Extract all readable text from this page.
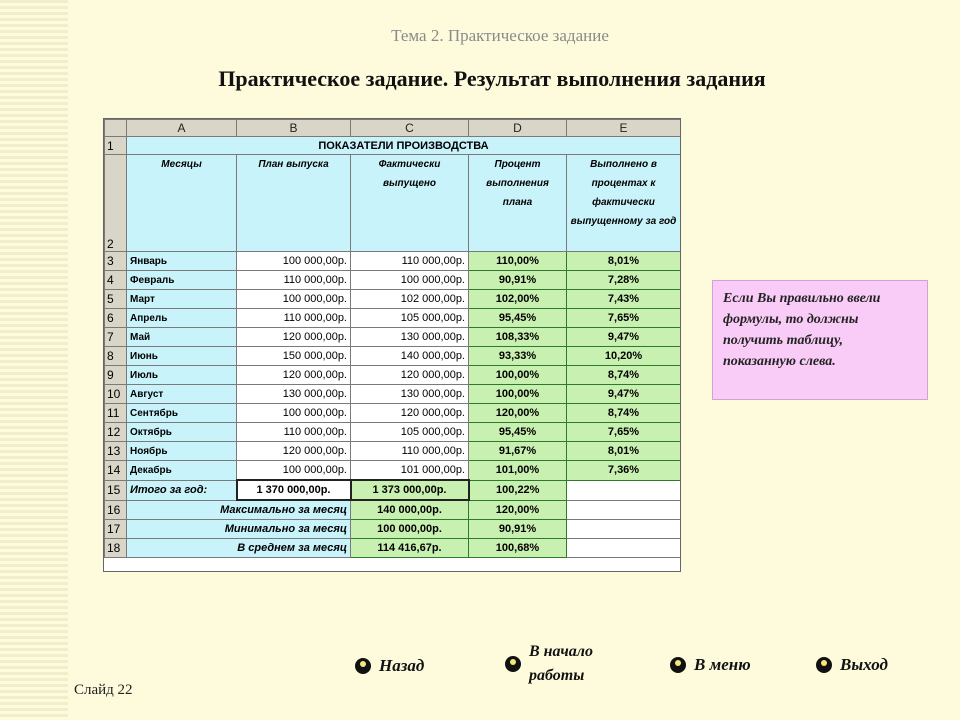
Тема 2. Практическое задание
Практическое задание. Результат выполнения задания
	A	B	C	D	E
1	ПОКАЗАТЕЛИ ПРОИЗВОДСТВА				
2	Месяцы	План выпуска	Фактически выпущено	Процент выполнения плана	Выполнено в процентах к фактически выпущенному за год
3	Январь	100 000,00р.	110 000,00р.	110,00%	8,01%
4	Февраль	110 000,00р.	100 000,00р.	90,91%	7,28%
5	Март	100 000,00р.	102 000,00р.	102,00%	7,43%
6	Апрель	110 000,00р.	105 000,00р.	95,45%	7,65%
7	Май	120 000,00р.	130 000,00р.	108,33%	9,47%
8	Июнь	150 000,00р.	140 000,00р.	93,33%	10,20%
9	Июль	120 000,00р.	120 000,00р.	100,00%	8,74%
10	Август	130 000,00р.	130 000,00р.	100,00%	9,47%
11	Сентябрь	100 000,00р.	120 000,00р.	120,00%	8,74%
12	Октябрь	110 000,00р.	105 000,00р.	95,45%	7,65%
13	Ноябрь	120 000,00р.	110 000,00р.	91,67%	8,01%
14	Декабрь	100 000,00р.	101 000,00р.	101,00%	7,36%
15	Итого за год:	1 370 000,00р.	1 373 000,00р.	100,22%	
16	Максимально за месяц		140 000,00р.	120,00%	
17	Минимально за месяц		100 000,00р.	90,91%	
18	В среднем за месяц		114 416,67р.	100,68%	
Если Вы правильно ввели формулы, то должны получить таблицу, показанную слева.
Назад
В начало работы
В меню	Выход
Слайд 22
